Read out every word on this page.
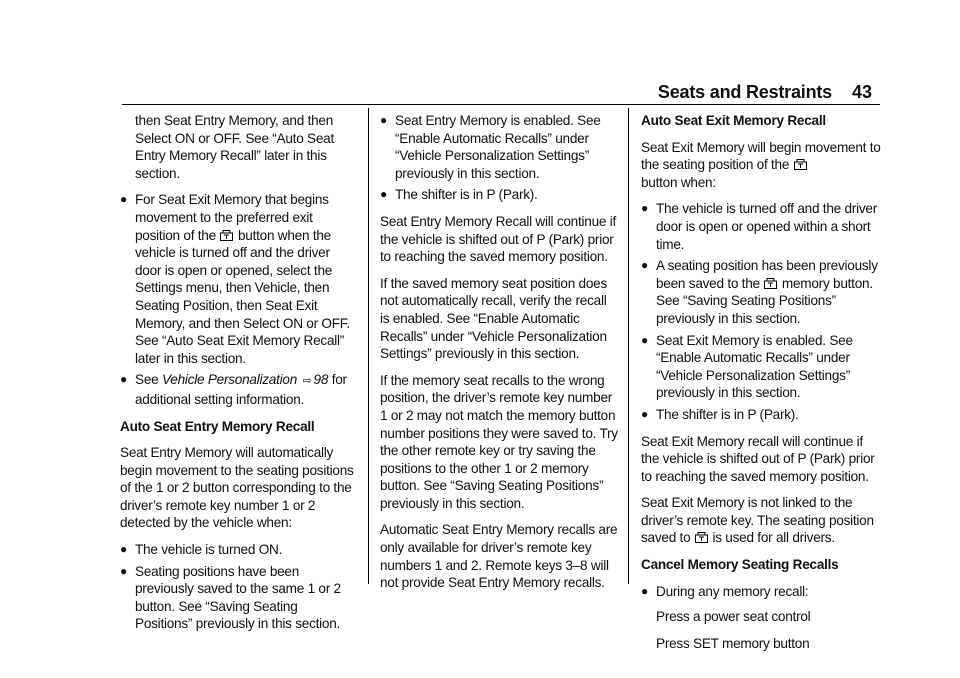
Seats and Restraints 43

then Seat Entry Memory, and then Select ON or OFF. See “Auto Seat Entry Memory Recall” later in this section.

● For Seat Exit Memory that begins movement to the preferred exit position of the button when the vehicle is turned off and the driver door is open or opened, select the Settings menu, then Vehicle, then Seating Position, then Seat Exit Memory, and then Select ON or OFF. See “Auto Seat Exit Memory Recall” later in this section.
● See Vehicle Personalization ⇨ 98 for additional setting information.

Auto Seat Entry Memory Recall

Seat Entry Memory will automatically begin movement to the seating positions of the 1 or 2 button corresponding to the driver’s remote key number 1 or 2 detected by the vehicle when:

● The vehicle is turned ON.
● Seating positions have been previously saved to the same 1 or 2 button. See “Saving Seating Positions” previously in this section.
● Seat Entry Memory is enabled. See “Enable Automatic Recalls” under “Vehicle Personalization Settings” previously in this section.
● The shifter is in P (Park).

Seat Entry Memory Recall will continue if the vehicle is shifted out of P (Park) prior to reaching the saved memory position.

If the saved memory seat position does not automatically recall, verify the recall is enabled. See “Enable Automatic Recalls” under “Vehicle Personalization Settings” previously in this section.

If the memory seat recalls to the wrong position, the driver’s remote key number 1 or 2 may not match the memory button number positions they were saved to. Try the other remote key or try saving the positions to the other 1 or 2 memory button. See “Saving Seating Positions” previously in this section.

Automatic Seat Entry Memory recalls are only available for driver’s remote key numbers 1 and 2. Remote keys 3–8 will not provide Seat Entry Memory recalls.

Auto Seat Exit Memory Recall

Seat Exit Memory will begin movement to the seating position of the

button when:

● The vehicle is turned off and the driver door is open or opened within a short time.
● A seating position has been previously been saved to the memory button. See “Saving Seating Positions” previously in this section.
● Seat Exit Memory is enabled. See “Enable Automatic Recalls” under “Vehicle Personalization Settings” previously in this section.
● The shifter is in P (Park).

Seat Exit Memory recall will continue if the vehicle is shifted out of P (Park) prior to reaching the saved memory position.

Seat Exit Memory is not linked to the driver’s remote key. The seating position saved to is used for all drivers.

Cancel Memory Seating Recalls

● During any memory recall:

Press a power seat control

Press SET memory button
